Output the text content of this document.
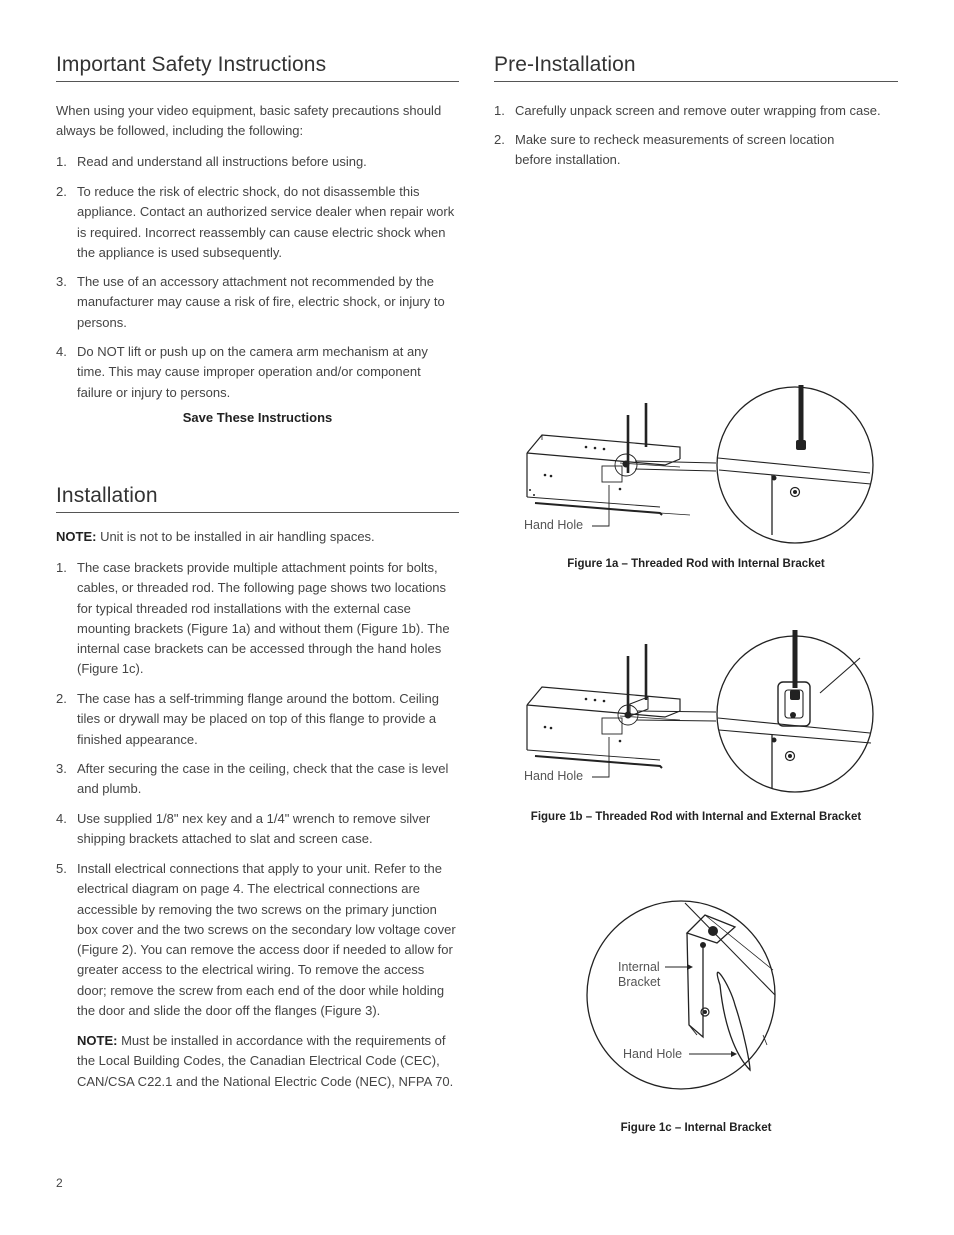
Important Safety Instructions

When using your video equipment, basic safety precautions should always be followed, including the following:

1. Read and understand all instructions before using.
2. To reduce the risk of electric shock, do not disassemble this appliance. Contact an authorized service dealer when repair work is required. Incorrect reassembly can cause electric shock when the appliance is used subsequently.
3. The use of an accessory attachment not recommended by the manufacturer may cause a risk of fire, electric shock, or injury to persons.
4. Do NOT lift or push up on the camera arm mechanism at any time. This may cause improper operation and/or component failure or injury to persons.
Save These Instructions
Installation

NOTE: Unit is not to be installed in air handling spaces.

1. The case brackets provide multiple attachment points for bolts, cables, or threaded rod. The following page shows two locations for typical threaded rod installations with the external case mounting brackets (Figure 1a) and without them (Figure 1b). The internal case brackets can be accessed through the hand holes (Figure 1c).
2. The case has a self-trimming flange around the bottom. Ceiling tiles or drywall may be placed on top of this flange to provide a finished appearance.
3. After securing the case in the ceiling, check that the case is level and plumb.
4. Use supplied 1/8" nex key and a 1/4" wrench to remove silver shipping brackets attached to slat and screen case.
5. Install electrical connections that apply to your unit. Refer to the electrical diagram on page 4. The electrical connections are accessible by removing the two screws on the primary junction box cover and the two screws on the secondary low voltage cover (Figure 2). You can remove the access door if needed to allow for greater access to the electrical wiring. To remove the access door; remove the screw from each end of the door while holding the door and slide the door off the flanges (Figure 3).

NOTE: Must be installed in accordance with the requirements of the Local Building Codes, the Canadian Electrical Code (CEC), CAN/CSA C22.1 and the National Electric Code (NEC), NFPA 70.

2
Pre-Installation
1. Carefully unpack screen and remove outer wrapping from case.
2. Make sure to recheck measurements of screen location before installation.
Hand Hole
Figure 1a – Threaded Rod with Internal Bracket
Hand Hole
Figure 1b – Threaded Rod with Internal and External Bracket
Internal
Bracket
Hand Hole
Figure 1c – Internal Bracket
